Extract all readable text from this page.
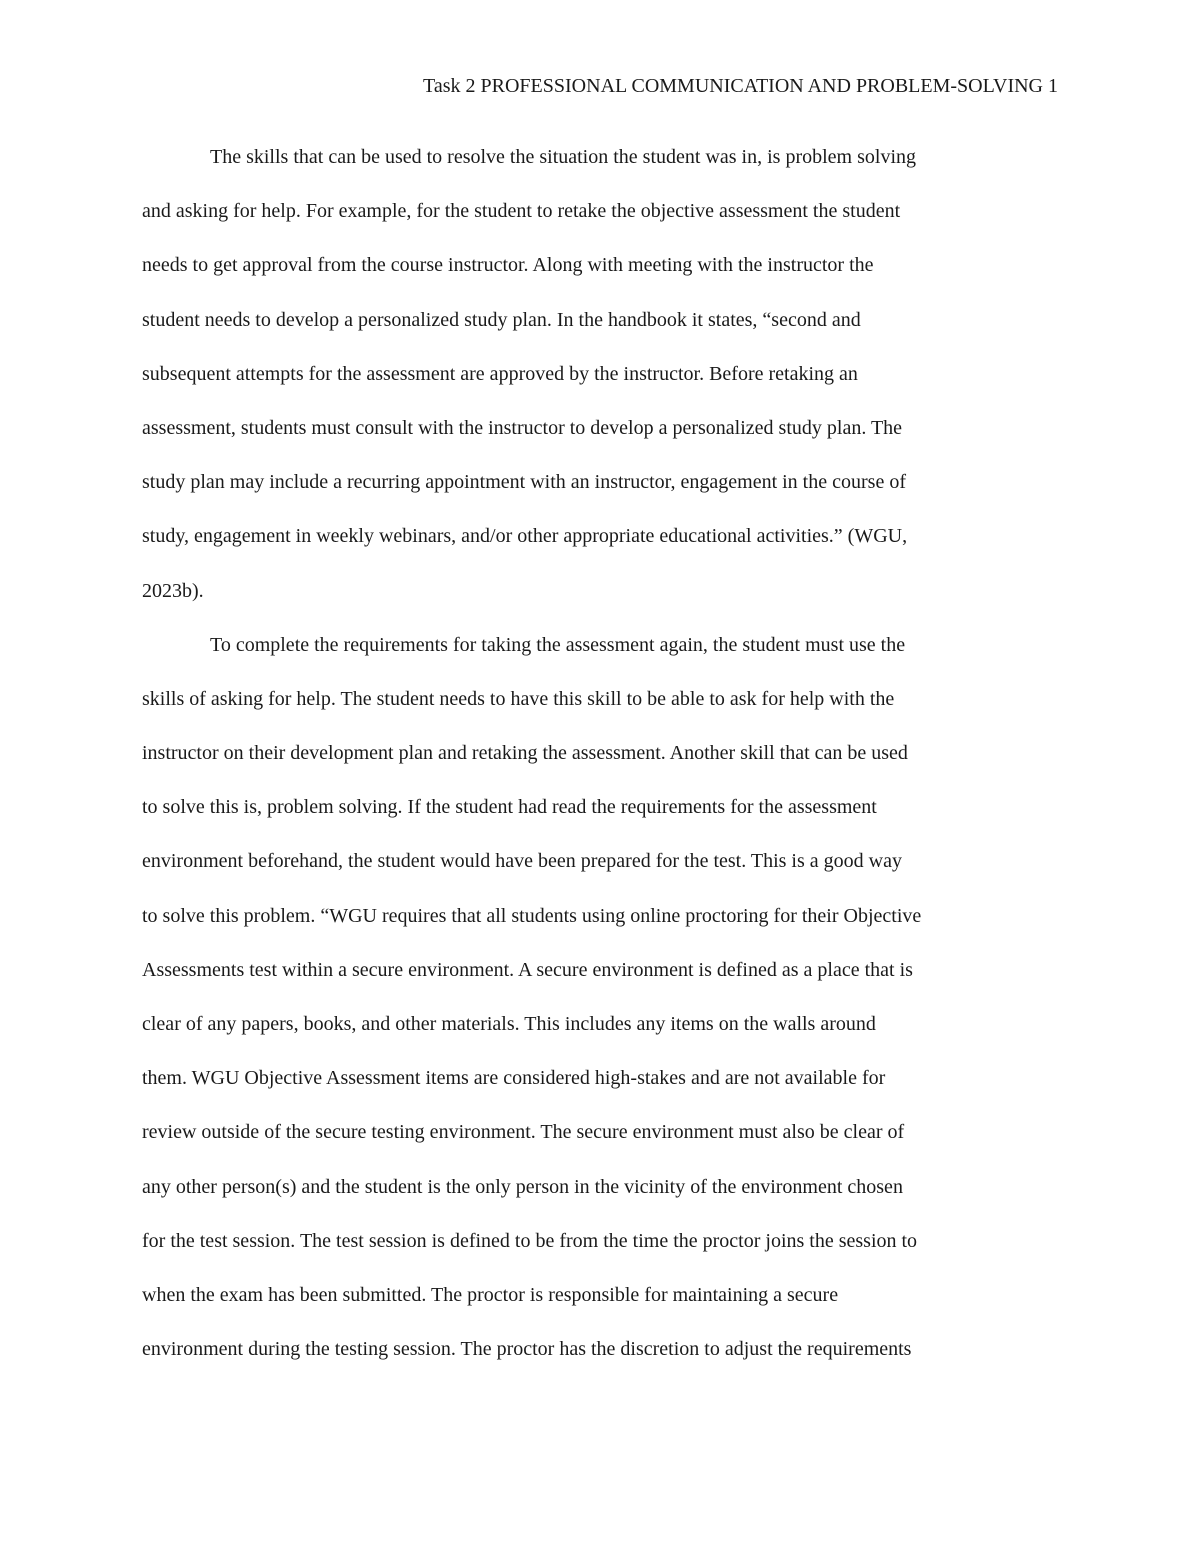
Task 2 PROFESSIONAL COMMUNICATION AND PROBLEM-SOLVING 1
The skills that can be used to resolve the situation the student was in, is problem solving
and asking for help. For example, for the student to retake the objective assessment the student
needs to get approval from the course instructor. Along with meeting with the instructor the
student needs to develop a personalized study plan. In the handbook it states, “second and
subsequent attempts for the assessment are approved by the instructor. Before retaking an
assessment, students must consult with the instructor to develop a personalized study plan. The
study plan may include a recurring appointment with an instructor, engagement in the course of
study, engagement in weekly webinars, and/or other appropriate educational activities.” (WGU,
2023b).
To complete the requirements for taking the assessment again, the student must use the
skills of asking for help. The student needs to have this skill to be able to ask for help with the
instructor on their development plan and retaking the assessment. Another skill that can be used
to solve this is, problem solving. If the student had read the requirements for the assessment
environment beforehand, the student would have been prepared for the test. This is a good way
to solve this problem. “WGU requires that all students using online proctoring for their Objective
Assessments test within a secure environment. A secure environment is defined as a place that is
clear of any papers, books, and other materials. This includes any items on the walls around
them. WGU Objective Assessment items are considered high-stakes and are not available for
review outside of the secure testing environment. The secure environment must also be clear of
any other person(s) and the student is the only person in the vicinity of the environment chosen
for the test session. The test session is defined to be from the time the proctor joins the session to
when the exam has been submitted. The proctor is responsible for maintaining a secure
environment during the testing session. The proctor has the discretion to adjust the requirements
